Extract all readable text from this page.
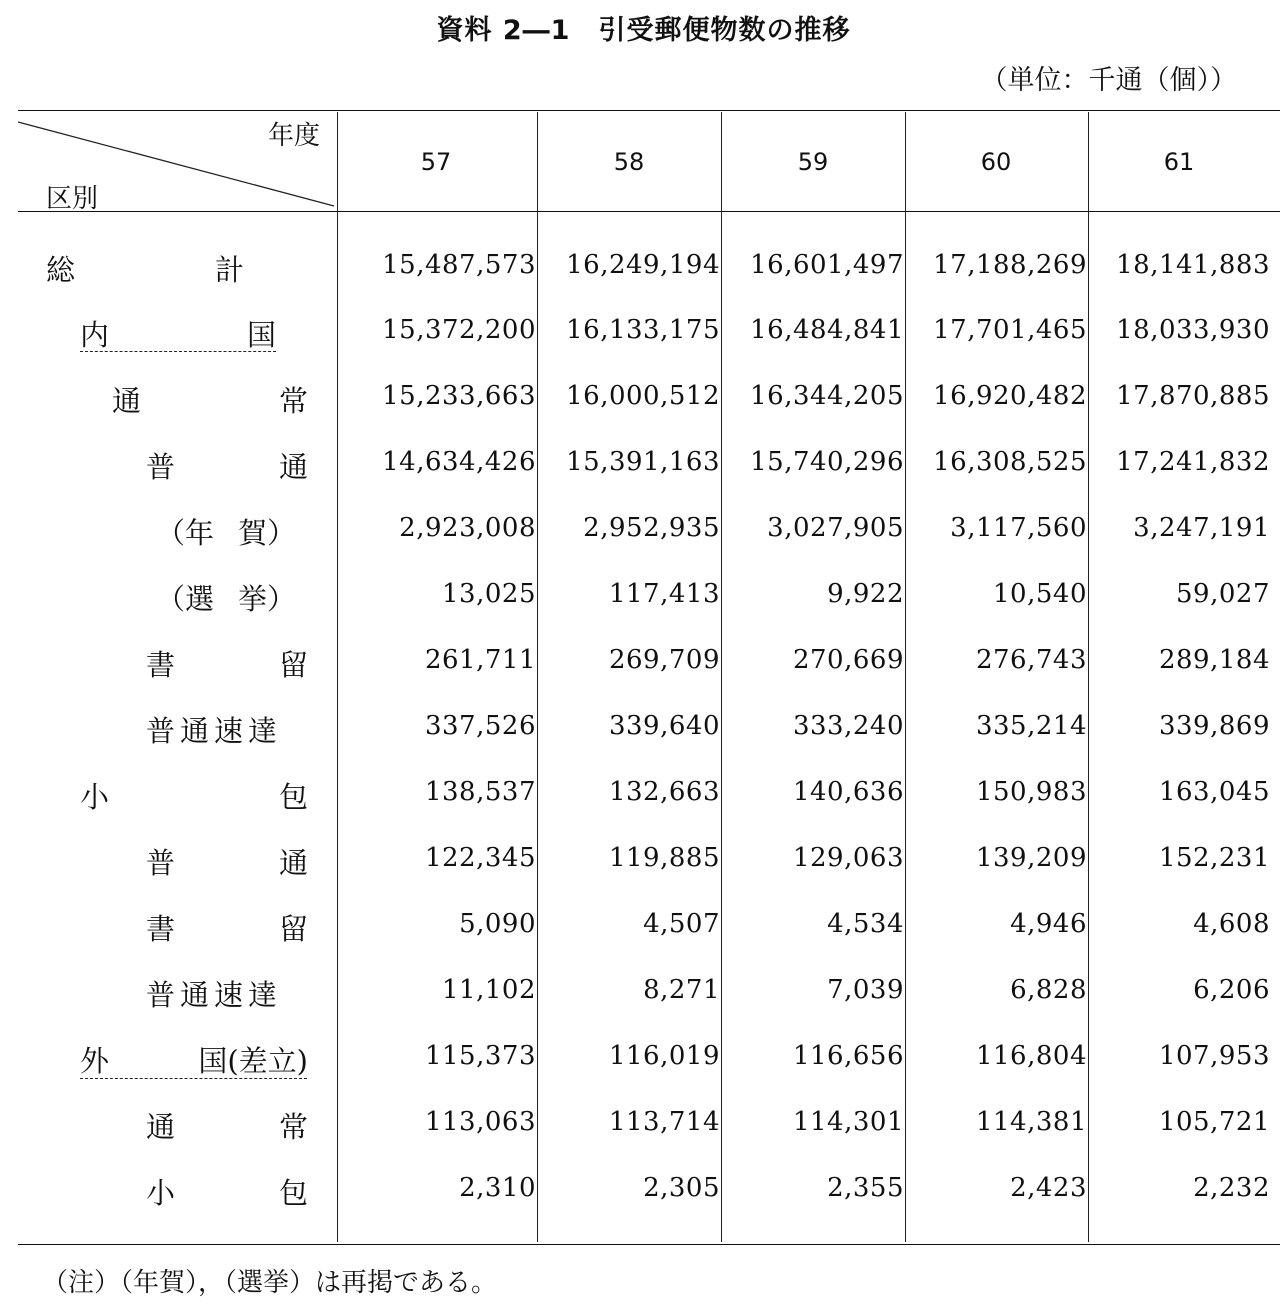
資料 2―1　引受郵便物数の推移
（単位：千通（個））
年度
区別
57	58	59	60	61
総	計	15,487,573 16,249,194 16,601,497 17,188,269 18,141,883
内	国	15,372,200 16,133,175 16,484,841 17,701,465 18,033,930
通	常	15,233,663 16,000,512 16,344,205 16,920,482 17,870,885
普	通	14,634,426 15,391,163 15,740,296 16,308,525 17,241,832
（年 賀）	2,923,008 2,952,935 3,027,905 3,117,560 3,247,191
（選 挙）	13,025	117,413	9,922	10,540	59,027
書	留	261,711	269,709	270,669	276,743	289,184
普通速達	337,526	339,640	333,240	335,214	339,869
小	包	138,537	132,663	140,636	150,983	163,045
普	通	122,345	119,885	129,063	139,209	152,231
書	留	5,090	4,507	4,534	4,946	4,608
普通速達	11,102	8,271	7,039	6,828	6,206
外	国(差立)	115,373	116,019	116,656	116,804	107,953
通	常	113,063	113,714	114,301	114,381	105,721
小	包	2,310	2,305	2,355	2,423	2,232
（注）（年賀），（選挙）は再掲である。
